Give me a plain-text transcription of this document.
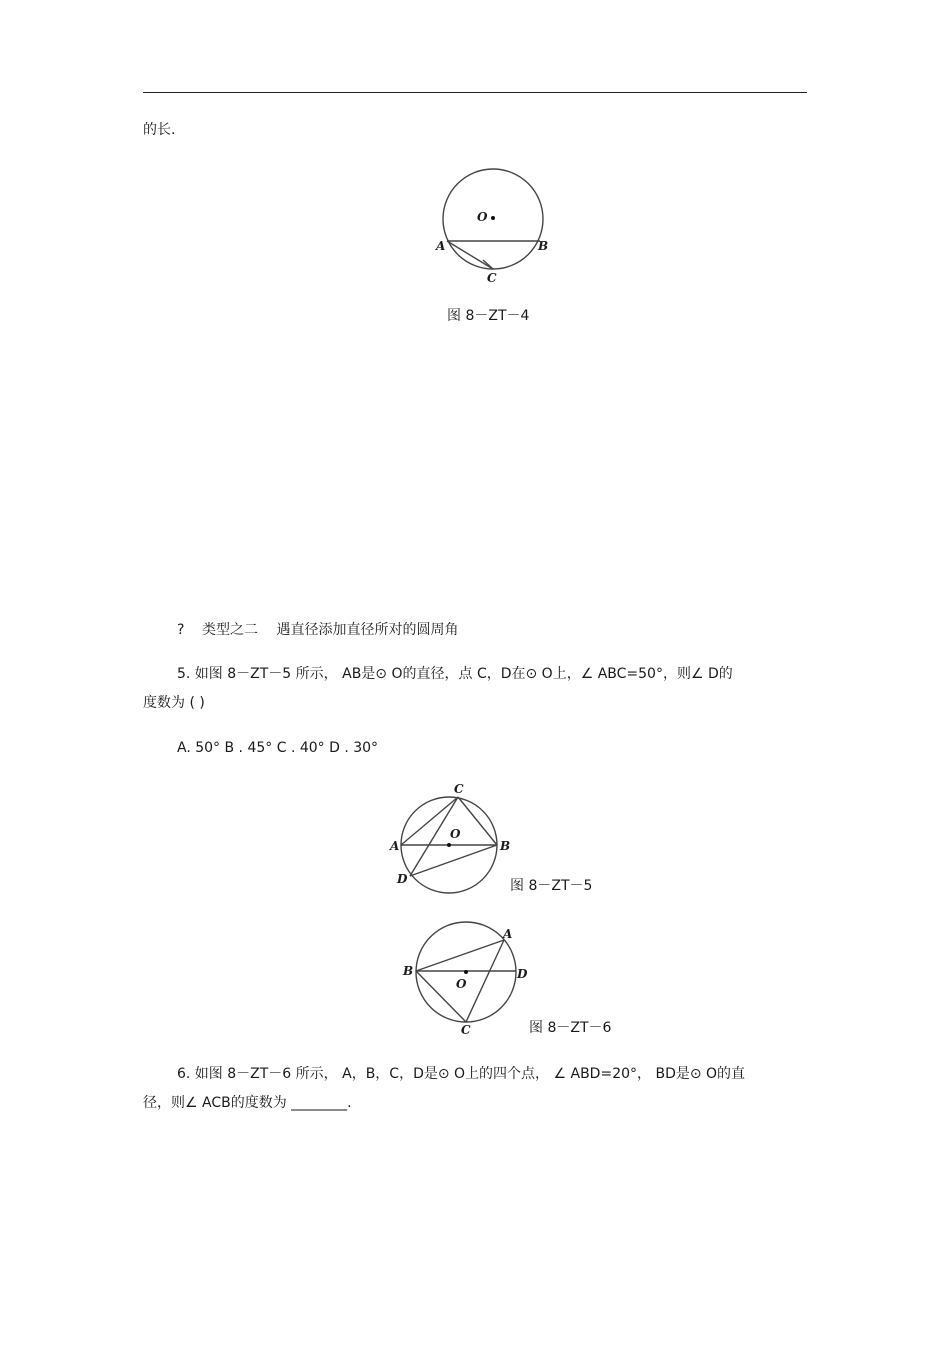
的长.
O
A	B
C
图 8－ZT－4
? 类型之二　 遇直径添加直径所对的圆周角
5. 如图 8－ZT－5 所示， AB是⊙ O的直径，点 C，D在⊙ O上，∠ ABC=50°，则∠ D的
度数为 ( )
A. 50° B . 45° C . 40° D . 30°
C
O
A	B
D	图 8－ZT－5
A
B	D
O
C	图 8－ZT－6
6. 如图 8－ZT－6 所示， A，B，C，D是⊙ O上的四个点， ∠ ABD=20°， BD是⊙ O的直
径，则∠ ACB的度数为 ________.
